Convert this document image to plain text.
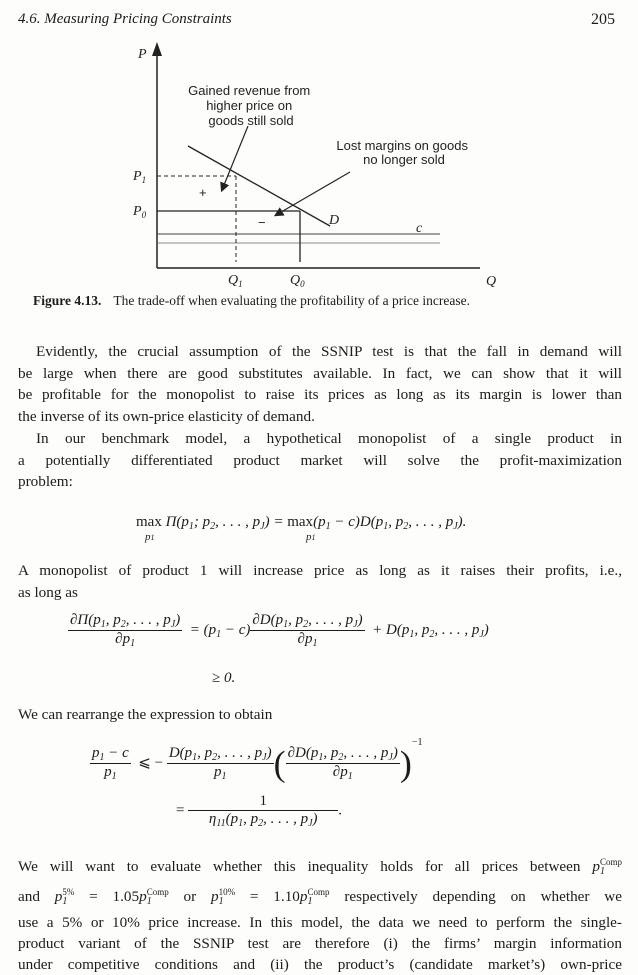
4.6. Measuring Pricing Constraints	205
P
Q
$P_1$
$P_0$
$Q_1$	$Q_0$
D
c
+
−
Gained revenue from higher price on goods still sold
Lost margins on goods no longer sold
Figure 4.13. The trade-off when evaluating the profitability of a price increase.
Evidently, the crucial assumption of the SSNIP test is that the fall in demand will
be large when there are good substitutes available. In fact, we can show that it will
be profitable for the monopolist to raise its prices as long as its margin is lower than
the inverse of its own-price elasticity of demand.
In our benchmark model, a hypothetical monopolist of a single product in
a potentially differentiated product market will solve the profit-maximization
problem:
$\max \Pi(p_1$; $p_2$, . . . , $p_J) = \max(p_1 - c)D(p_1$, $p_2$, . . . , $p_J$).
p1	p1
A monopolist of product 1 will increase price as long as it raises their profits, i.e.,
as long as
$\frac{\partial\Pi(p_1, p_2, . . . , p_J)}{\partial p_1} = (p_1 - c) \frac{\partial D(p_1, p_2, . . . , p_J)}{\partial p_1} + D(p_1$, $p_2$, . . . , $p_J$)
≥ 0.
We can rearrange the expression to obtain
$\frac{p_1 - c}{p_1}$ ⩽ − $\frac{D(p_1, p_2, . . . , p_J)}{p_1}$ ( $\frac{\partial D(p_1, p_2, . . . , p_J)}{\partial p_1} )^{-1}$
= $\frac{1}{\eta_{11}(p_1, p_2, . . . , p_J)}$ .
We will want to evaluate whether this inequality holds for all prices between $p_1^{Comp}$
and $p_1^{5\%} = 1.05p_1^{Comp}$ or $p_1^{10\%} = 1.10p_1^{Comp}$ respectively depending on whether we
use a 5% or 10% price increase. In this model, the data we need to perform the single-
product variant of the SSNIP test are therefore (i) the firms’ margin information
under competitive conditions and (ii) the product’s (candidate market’s) own-price
